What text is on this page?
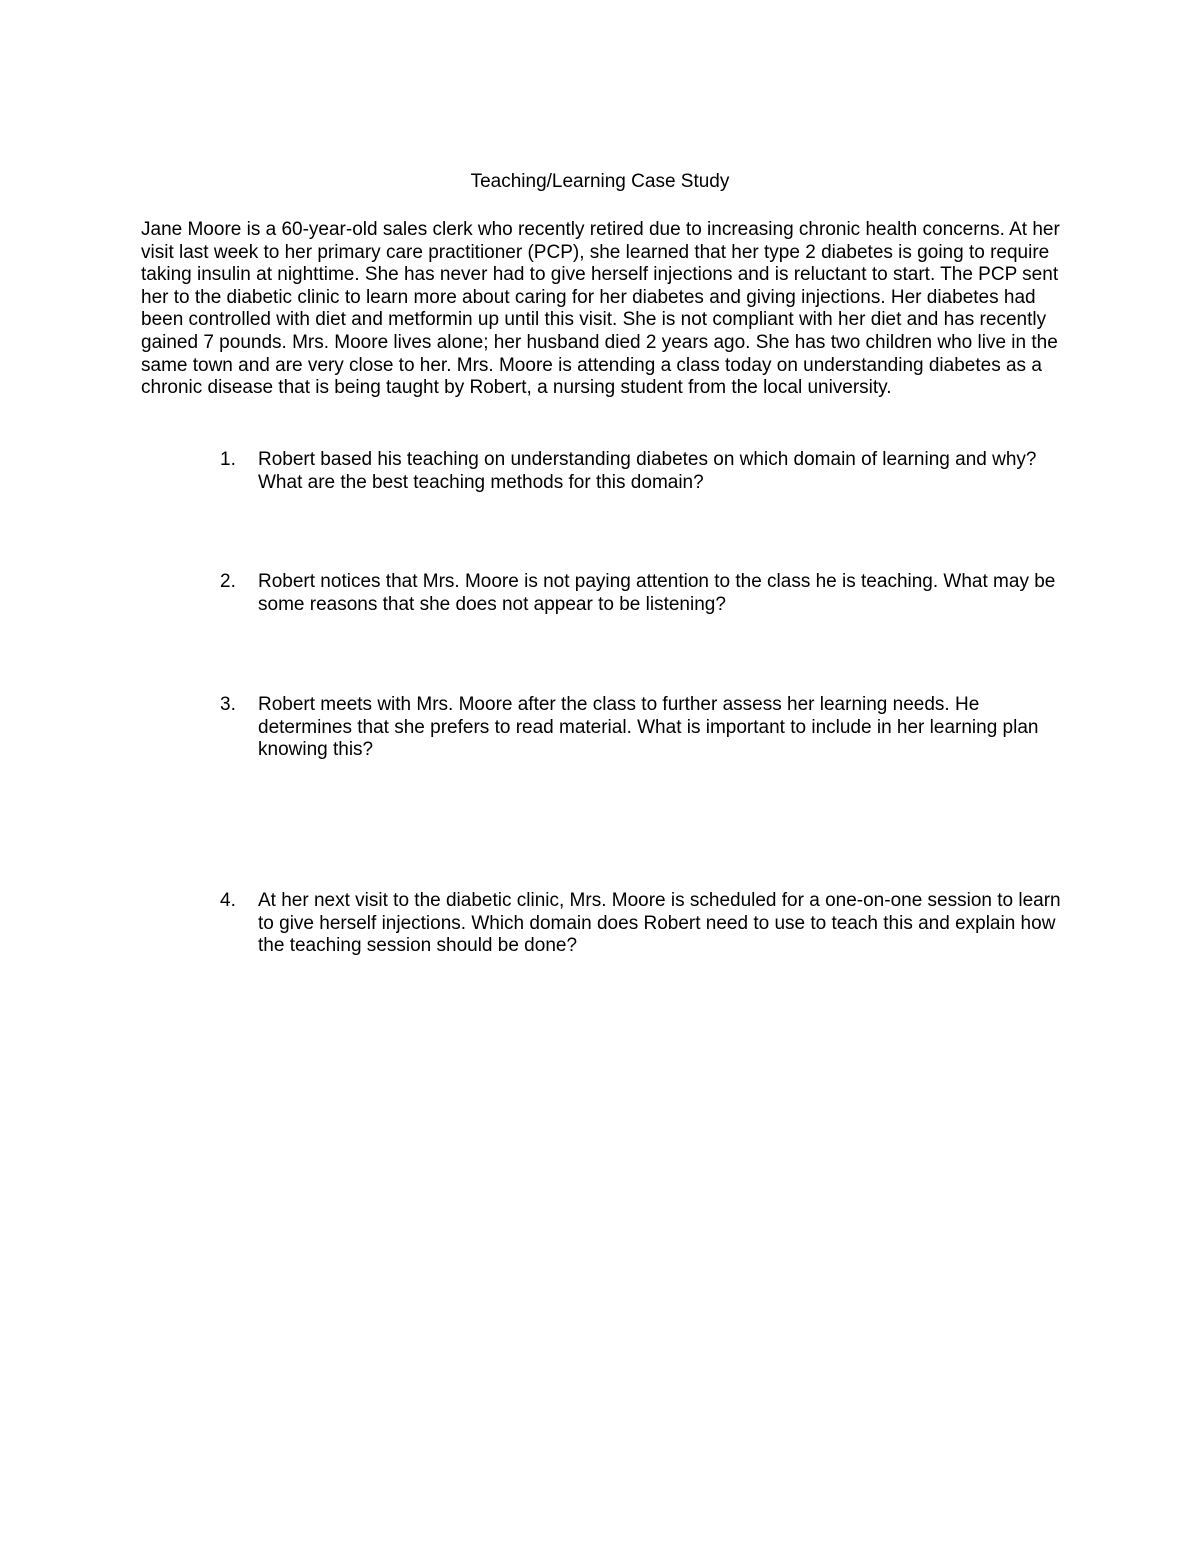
Teaching/Learning Case Study

Jane Moore is a 60-year-old sales clerk who recently retired due to increasing chronic health concerns. At her visit last week to her primary care practitioner (PCP), she learned that her type 2 diabetes is going to require taking insulin at nighttime. She has never had to give herself injections and is reluctant to start. The PCP sent her to the diabetic clinic to learn more about caring for her diabetes and giving injections. Her diabetes had been controlled with diet and metformin up until this visit. She is not compliant with her diet and has recently gained 7 pounds. Mrs. Moore lives alone; her husband died 2 years ago. She has two children who live in the same town and are very close to her. Mrs. Moore is attending a class today on understanding diabetes as a chronic disease that is being taught by Robert, a nursing student from the local university.

1.	Robert based his teaching on understanding diabetes on which domain of learning and why? What are the best teaching methods for this domain?

2.	Robert notices that Mrs. Moore is not paying attention to the class he is teaching. What may be some reasons that she does not appear to be listening?

3.	Robert meets with Mrs. Moore after the class to further assess her learning needs. He determines that she prefers to read material. What is important to include in her learning plan knowing this?

4.	At her next visit to the diabetic clinic, Mrs. Moore is scheduled for a one-on-one session to learn to give herself injections. Which domain does Robert need to use to teach this and explain how the teaching session should be done?
